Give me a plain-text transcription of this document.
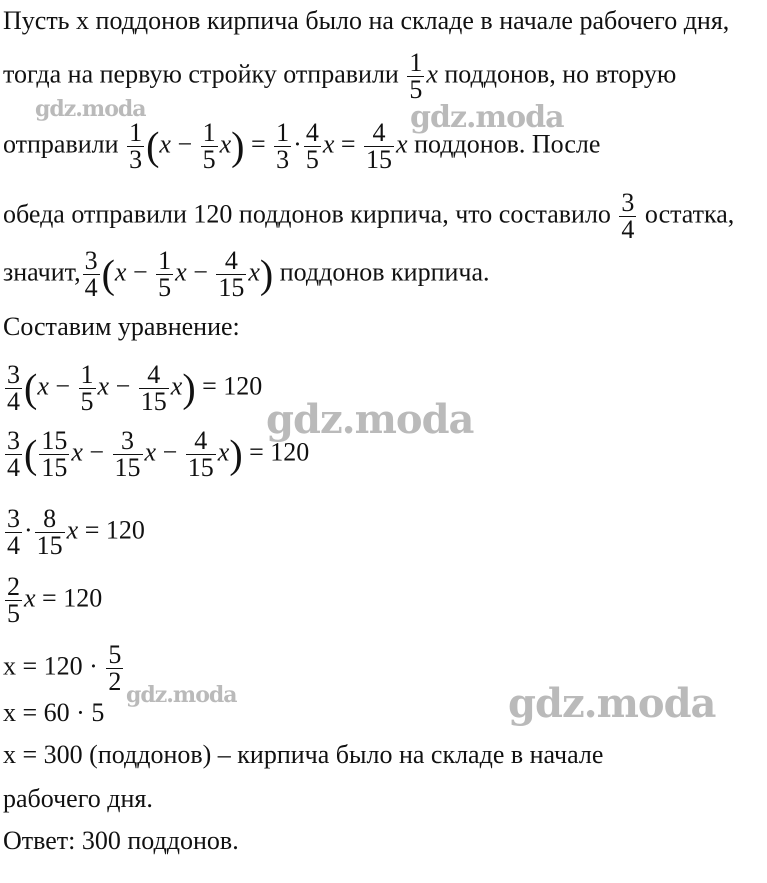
gdz.moda	gdz.moda
gdz.moda
gdz.moda	gdz.moda
Пусть x поддонов кирпича было на складе в начале рабочего дня,
тогда на первую стройку отправили $\frac{1}{5}$ x поддонов, но вторую
отправили $\frac{1}{3} (x - \frac{1}{5} x) = \frac{1}{3} \cdot \frac{4}{5}$ $x = \frac{4}{15}$ x поддонов. После
обеда отправили 120 поддонов кирпича, что составило $\frac{3}{4}$ остатка,
значит, $\frac{3}{4} (x - \frac{1}{5}$ $x - \frac{4}{15} x$) поддонов кирпича.
Составим уравнение:
$\frac{3}{4} (x - \frac{1}{5}$ $x - \frac{4}{15} x) = 120$
$\frac{3}{4}$ ( $\frac{15}{15}$ $x - \frac{3}{15}$ $x - \frac{4}{15} x) = 120$
$\frac{3}{4} \cdot \frac{8}{15}$ x = 120
$\frac{2}{5}$ x = 120
$x = 120 \cdot \frac{5}{2}$
x = 60 · 5
x = 300 (поддонов) – кирпича было на складе в начале
рабочего дня.
Ответ: 300 поддонов.
